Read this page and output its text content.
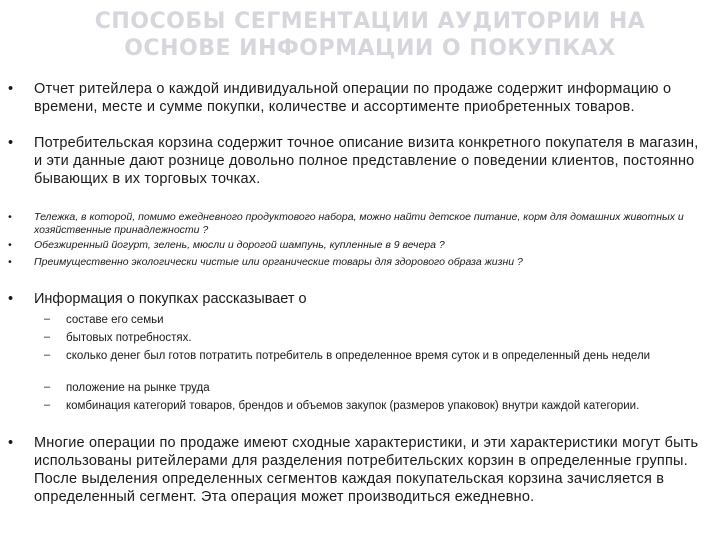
СПОСОБЫ СЕГМЕНТАЦИИ АУДИТОРИИ НА ОСНОВЕ ИНФОРМАЦИИ О ПОКУПКАХ
•	Отчет ритейлера о каждой индивидуальной операции по продаже содержит информацию о времени, месте и сумме покупки, количестве и ассортименте приобретенных товаров.
•	Потребительская корзина содержит точное описание визита конкретного покупателя в магазин, и эти данные дают рознице довольно полное представление о поведении клиентов, постоянно бывающих в их торговых точках.
•	Тележка, в которой, помимо ежедневного продуктового набора, можно найти детское питание, корм для домашних животных и хозяйственные принадлежности ?
•	Обезжиренный йогурт, зелень, мюсли и дорогой шампунь, купленные в 9 вечера ?
•	Преимущественно экологически чистые или органические товары для здорового образа жизни ?
•	Информация о покупках рассказывает о
–	составе его семьи
–	бытовых потребностях.
–	сколько денег был готов потратить потребитель в определенное время суток и в определенный день недели
–	положение на рынке труда
–	комбинация категорий товаров, брендов и объемов закупок (размеров упаковок) внутри каждой категории.
•	Многие операции по продаже имеют сходные характеристики, и эти характеристики могут быть использованы ритейлерами для разделения потребительских корзин в определенные группы. После выделения определенных сегментов каждая покупательская корзина зачисляется в определенный сегмент. Эта операция может производиться ежедневно.
